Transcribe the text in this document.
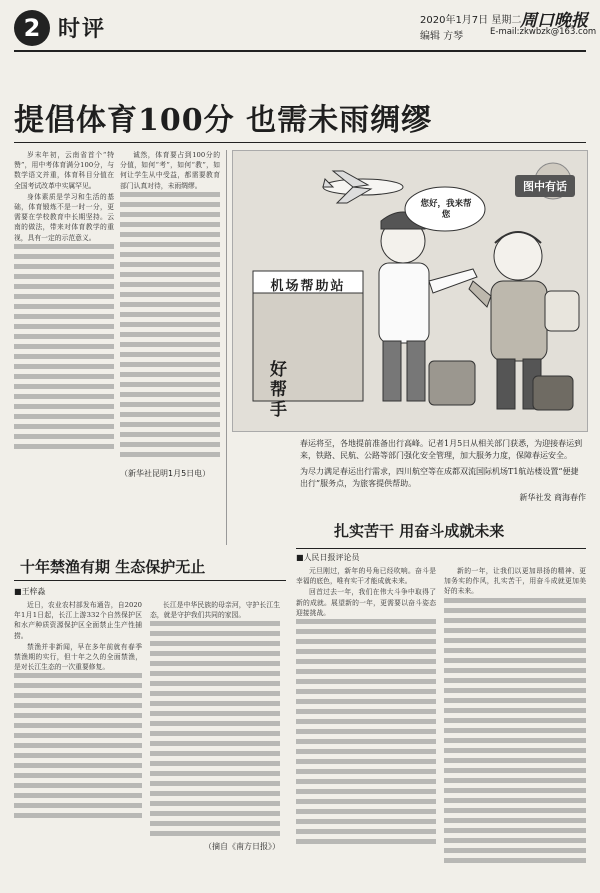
2 时评	2020年1月7日 星期二
周口晚报
编辑 方琴	E-mail:zkwbzk@163.com
提倡体育100分 也需未雨绸缪

岁末年初，云南省首个“特赞”，用中考体育满分100分，与数学语文并重，体育科目分值在全国考试改革中实属罕见。

身体素质是学习和生活的基础，体育锻炼不是一时一分，更需要在学校教育中长期坚持。云南的做法，带来对体育教学的重视，具有一定的示范意义。

诚然，体育要占到100分的分值，如何“考”，如何“教”，如何让学生从中受益，都需要教育部门认真对待，未雨绸缪。

（新华社昆明1月5日电）
图中有话
您好，我来帮您
机场帮助站
好帮手

春运将至，各地提前准备出行高峰。记者1月5日从相关部门获悉，为迎接春运到来，铁路、民航、公路等部门强化安全管理，加大服务力度，保障春运安全。

为尽力满足春运出行需求，四川航空等在成都双流国际机场T1航站楼设置“便捷出行”服务点，为旅客提供帮助。

新华社发 商海春作
扎实苦干 用奋斗成就未来
十年禁渔有期 生态保护无止
■王梓淼

近日，农业农村部发布通告，自2020年1月1日起，长江上游332个自然保护区和水产种质资源保护区全面禁止生产性捕捞。

禁渔并非新闻，早在多年前就有春季禁渔期的实行，但十年之久的全面禁渔，是对长江生态的一次重要修复。

长江是中华民族的母亲河，守护长江生态，就是守护我们共同的家园。

（摘自《南方日报》）
■人民日报评论员

元旦刚过，新年的号角已经吹响。奋斗是幸福的底色，唯有实干才能成就未来。

回首过去一年，我们在伟大斗争中取得了新的成就。展望新的一年，更需要以奋斗姿态迎接挑战。

新的一年，让我们以更加昂扬的精神、更加务实的作风，扎实苦干，用奋斗成就更加美好的未来。
